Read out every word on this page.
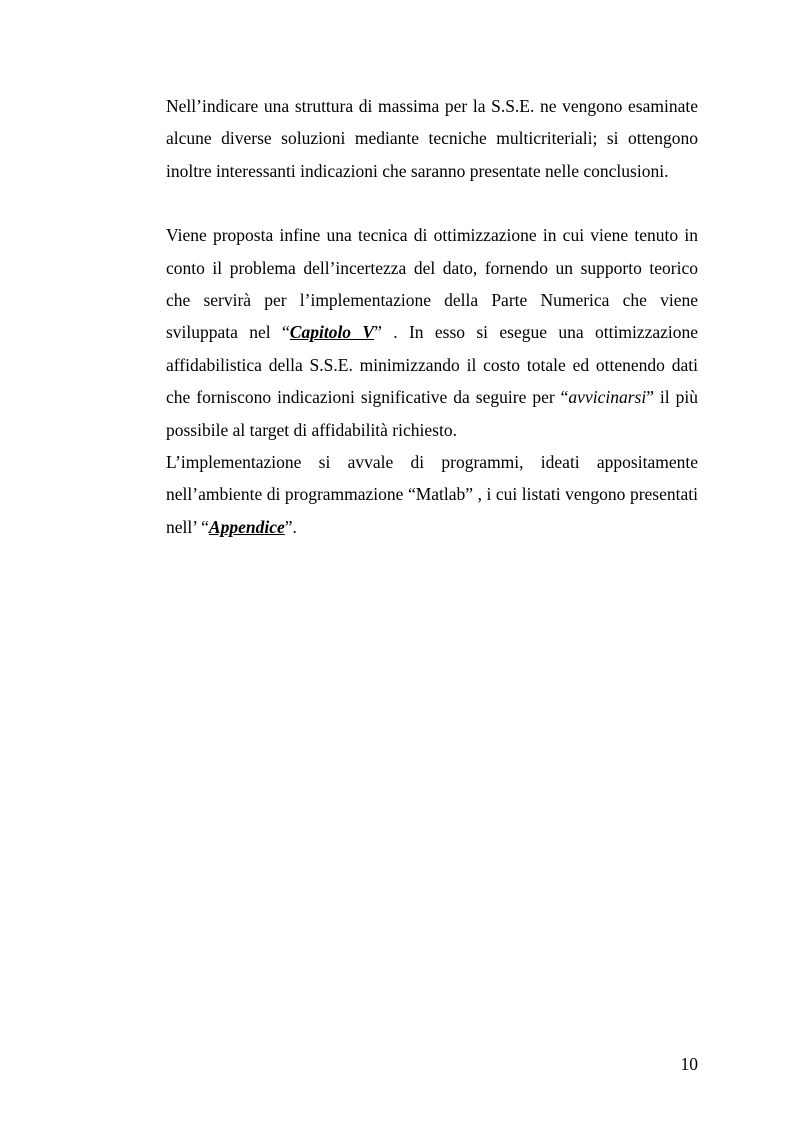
Nell’indicare una struttura di massima per la S.S.E. ne vengono esaminate alcune diverse soluzioni mediante tecniche multicriteriali; si ottengono inoltre interessanti indicazioni che saranno presentate nelle conclusioni.

Viene proposta infine una tecnica di ottimizzazione in cui viene tenuto in conto il problema dell’incertezza del dato, fornendo un supporto teorico che servirà per l’implementazione della Parte Numerica che viene sviluppata nel “Capitolo V” . In esso si esegue una ottimizzazione affidabilistica della S.S.E. minimizzando il costo totale ed ottenendo dati che forniscono indicazioni significative da seguire per “avvicinarsi” il più possibile al target di affidabilità richiesto.

L’implementazione si avvale di programmi, ideati appositamente nell’ambiente di programmazione “Matlab” , i cui listati vengono presentati nell’ “Appendice”.

10
